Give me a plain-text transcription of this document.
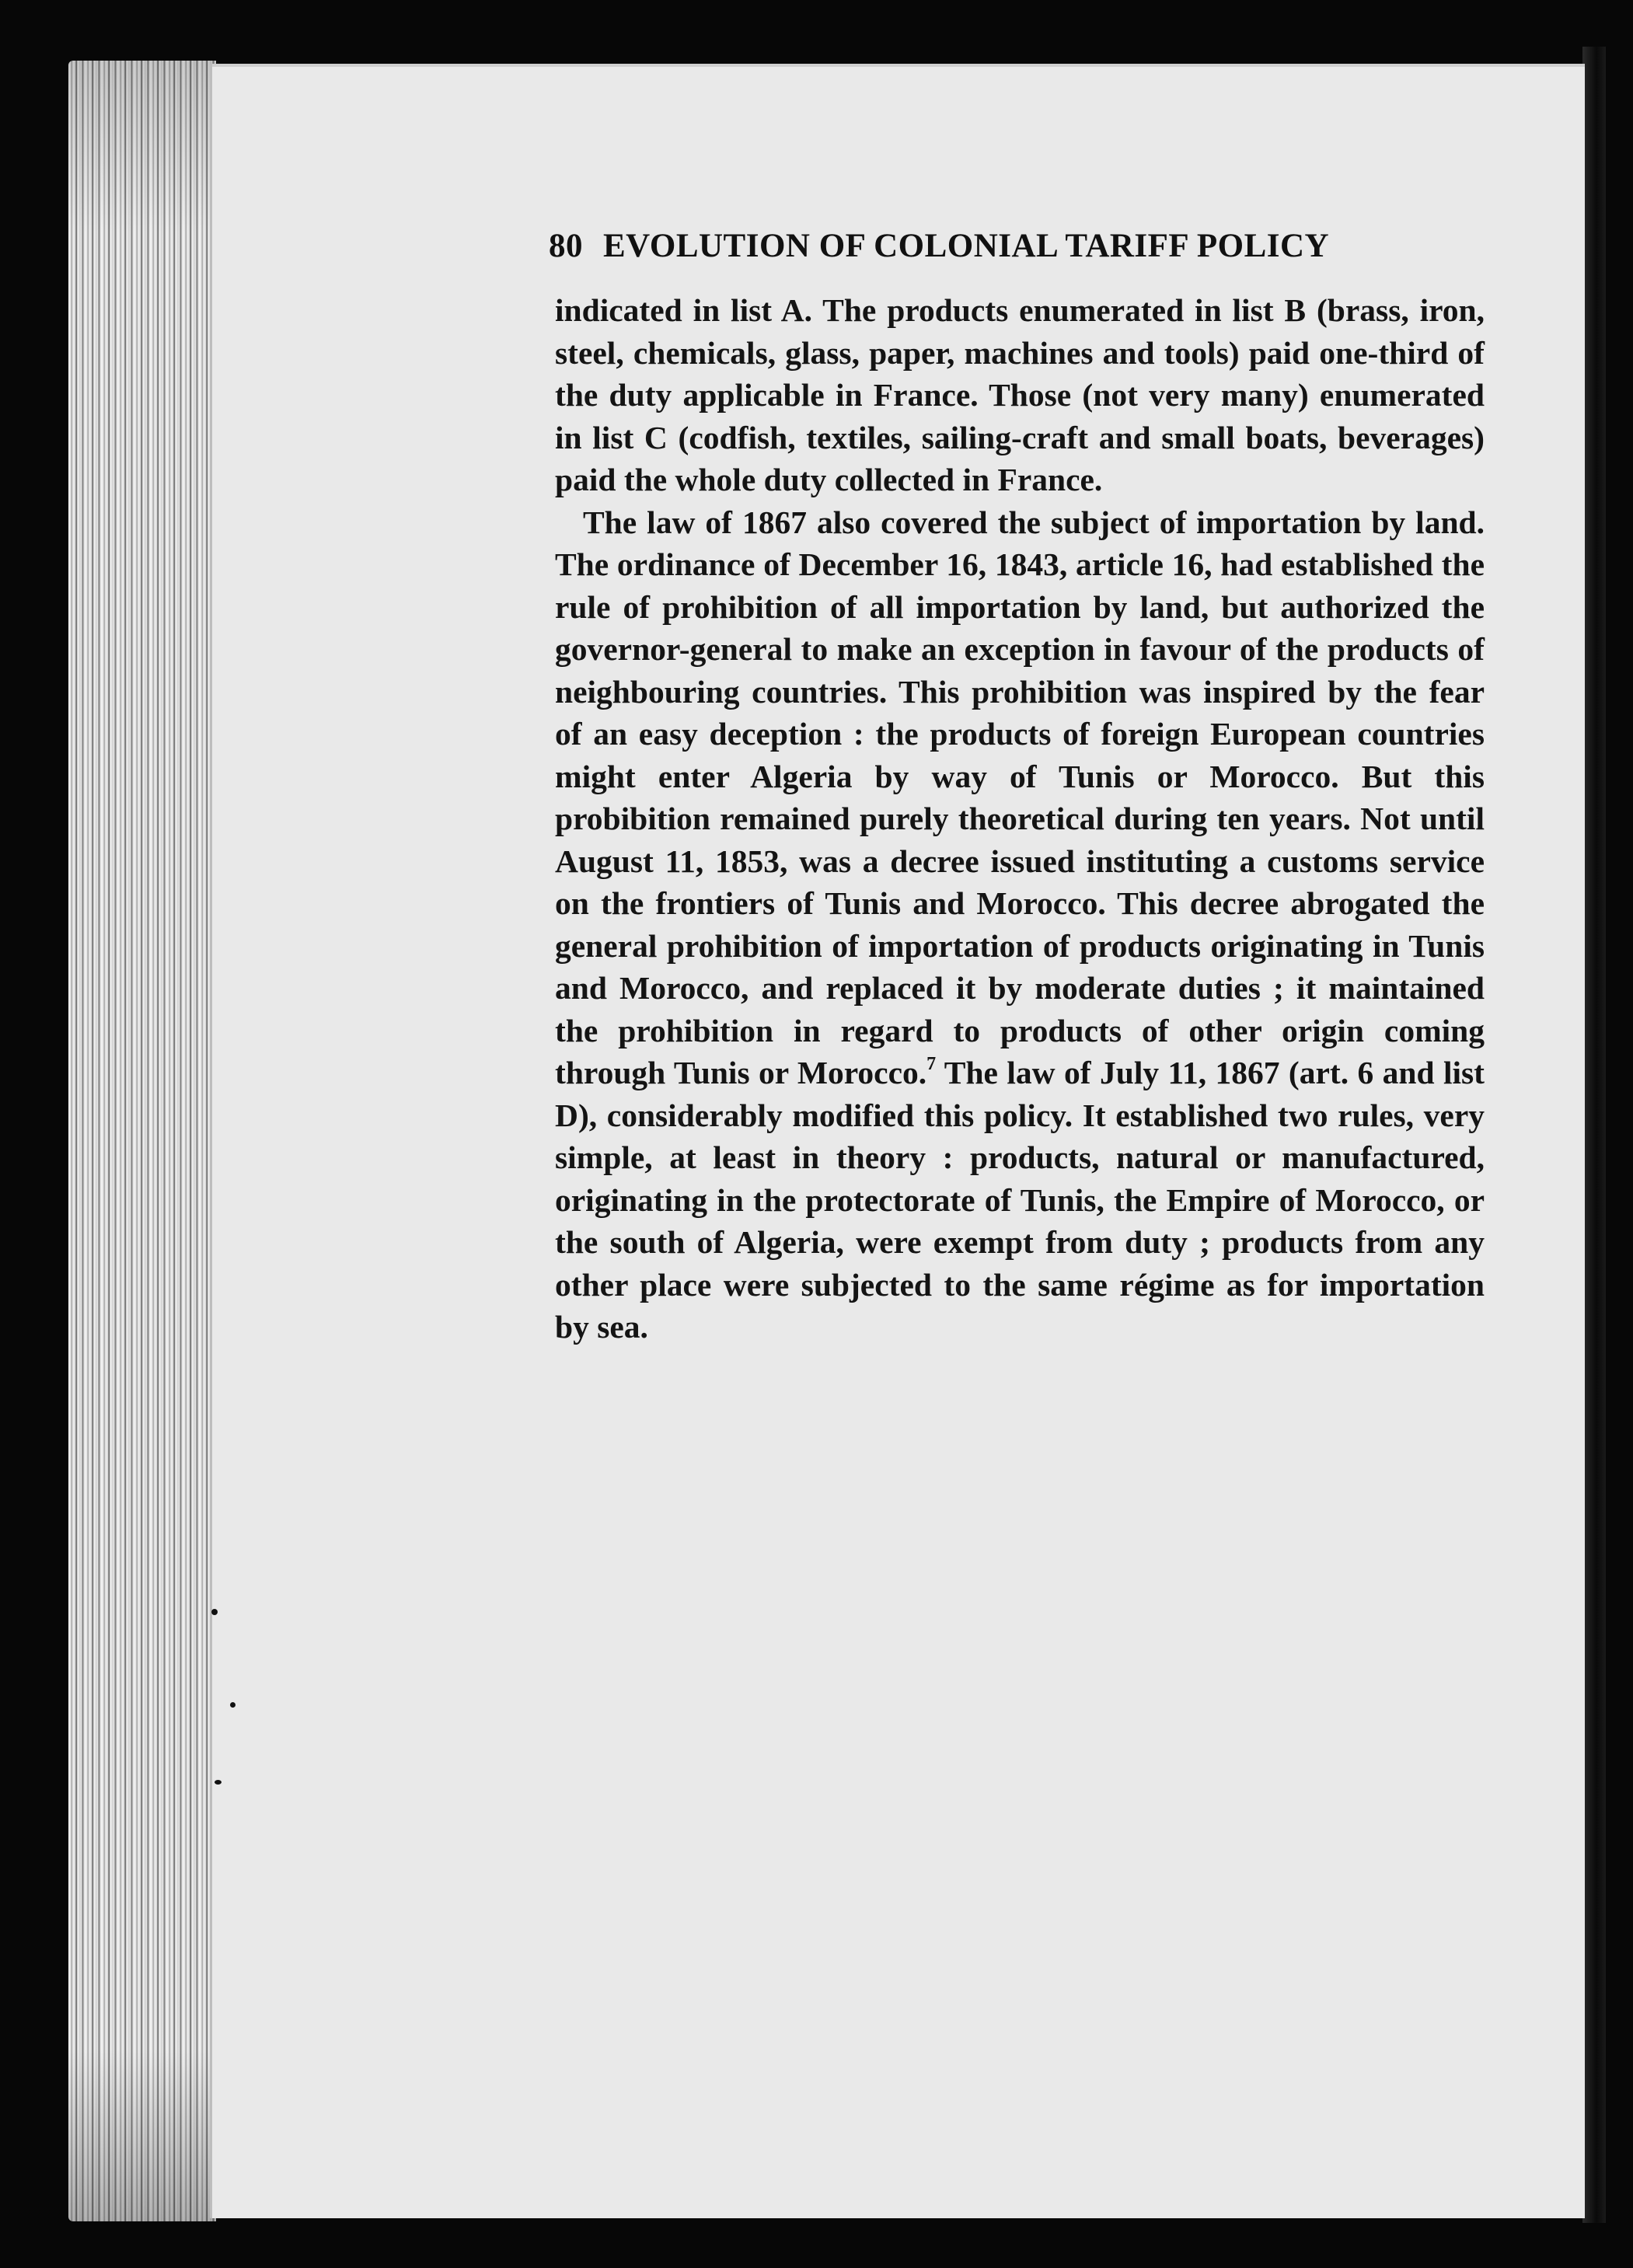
80 EVOLUTION OF COLONIAL TARIFF POLICY

indicated in list A. The products enumerated in list B (brass, iron, steel, chemicals, glass, paper, machines and tools) paid one-third of the duty applicable in France. Those (not very many) enumerated in list C (codfish, textiles, sailing-craft and small boats, beverages) paid the whole duty collected in France.

The law of 1867 also covered the subject of importation by land. The ordinance of December 16, 1843, article 16, had established the rule of prohibition of all importation by land, but authorized the governor-general to make an exception in favour of the products of neighbouring countries. This prohibition was inspired by the fear of an easy deception : the products of foreign European countries might enter Algeria by way of Tunis or Morocco. But this probibition remained purely theoretical during ten years. Not until August 11, 1853, was a decree issued instituting a customs service on the frontiers of Tunis and Morocco. This decree abrogated the general prohibition of importation of products originating in Tunis and Morocco, and replaced it by moderate duties ; it maintained the prohibition in regard to products of other origin coming through Tunis or Morocco.$^7$ The law of July 11, 1867 (art. 6 and list D), considerably modified this policy. It established two rules, very simple, at least in theory : products, natural or manufactured, originating in the protectorate of Tunis, the Empire of Morocco, or the south of Algeria, were exempt from duty ; products from any other place were subjected to the same régime as for importation by sea.
